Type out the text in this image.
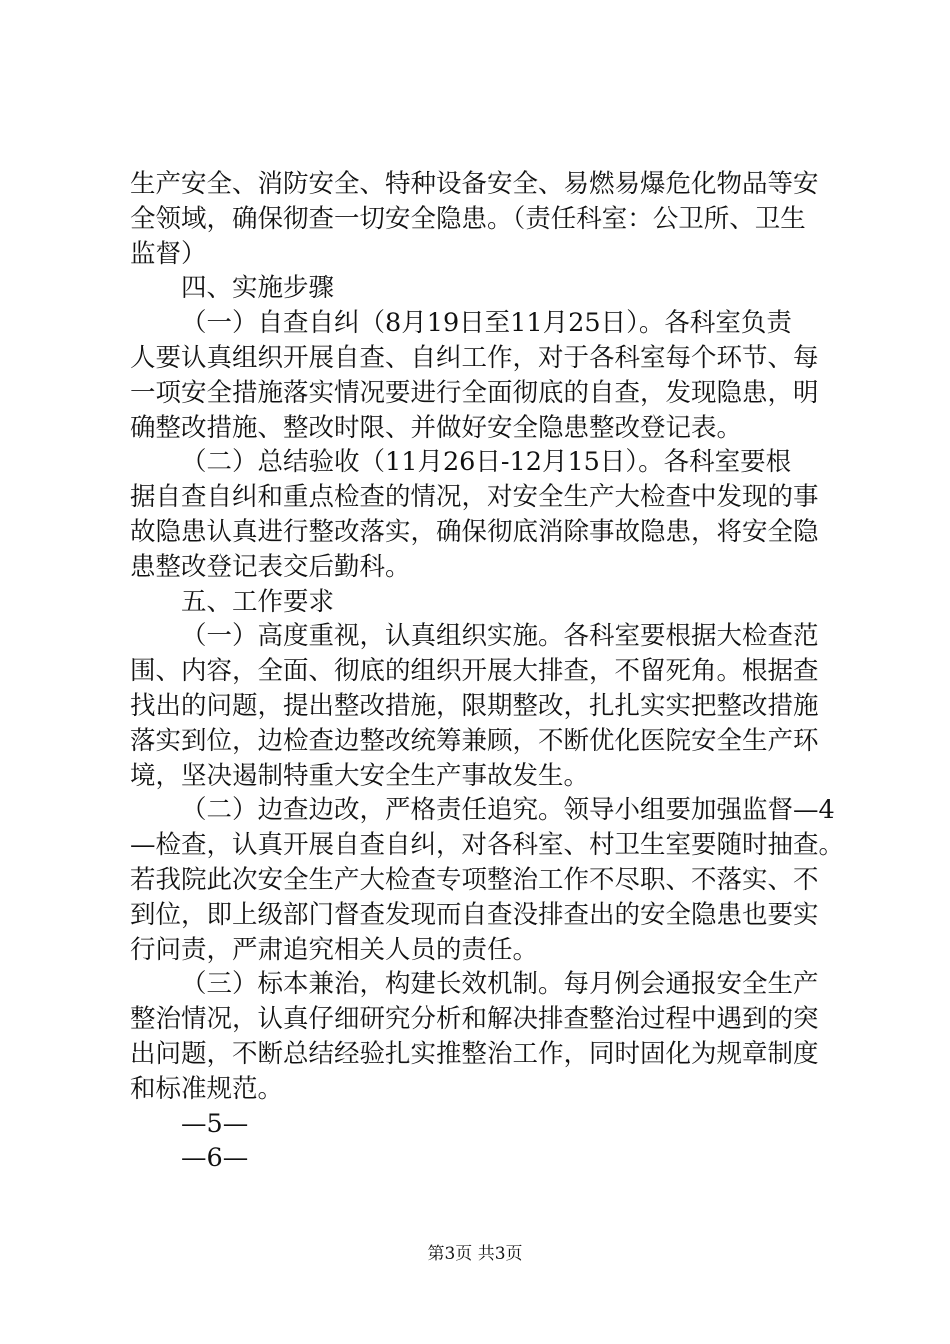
生产安全、消防安全、特种设备安全、易燃易爆危化物品等安
全领域，确保彻查一切安全隐患。（责任科室：公卫所、卫生
监督）
四、实施步骤
（一）自查自纠（8月19日至11月25日）。各科室负责
人要认真组织开展自查、自纠工作，对于各科室每个环节、每
一项安全措施落实情况要进行全面彻底的自查，发现隐患，明
确整改措施、整改时限、并做好安全隐患整改登记表。
（二）总结验收（11月26日-12月15日）。各科室要根
据自查自纠和重点检查的情况，对安全生产大检查中发现的事
故隐患认真进行整改落实，确保彻底消除事故隐患，将安全隐
患整改登记表交后勤科。
五、工作要求
（一）高度重视，认真组织实施。各科室要根据大检查范
围、内容，全面、彻底的组织开展大排查，不留死角。根据查
找出的问题，提出整改措施，限期整改，扎扎实实把整改措施
落实到位，边检查边整改统筹兼顾，不断优化医院安全生产环
境，坚决遏制特重大安全生产事故发生。
（二）边查边改，严格责任追究。领导小组要加强监督—4
—检查，认真开展自查自纠，对各科室、村卫生室要随时抽查。
若我院此次安全生产大检查专项整治工作不尽职、不落实、不
到位，即上级部门督查发现而自查没排查出的安全隐患也要实
行问责，严肃追究相关人员的责任。
（三）标本兼治，构建长效机制。每月例会通报安全生产
整治情况，认真仔细研究分析和解决排查整治过程中遇到的突
出问题，不断总结经验扎实推整治工作，同时固化为规章制度
和标准规范。
—5—
—6—
第3页 共3页
